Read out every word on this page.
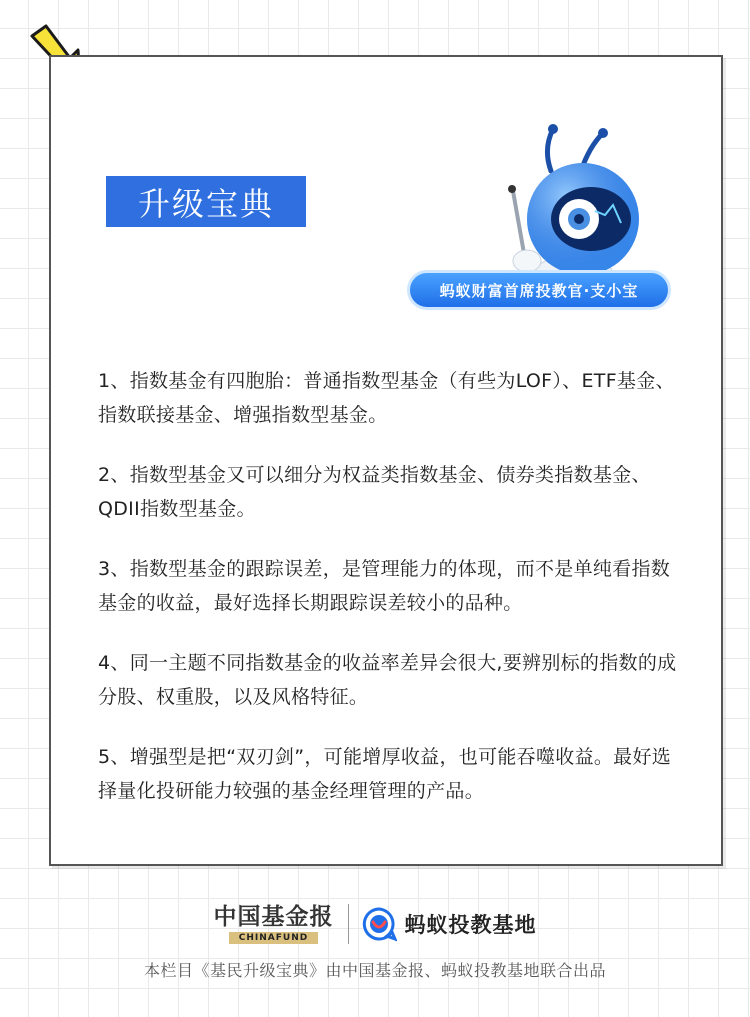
升级宝典
蚂蚁财富首席投教官·支小宝

1、指数基金有四胞胎：普通指数型基金（有些为LOF）、ETF基金、指数联接基金、增强指数型基金。

2、指数型基金又可以细分为权益类指数基金、债券类指数基金、QDII指数型基金。

3、指数型基金的跟踪误差，是管理能力的体现，而不是单纯看指数基金的收益，最好选择长期跟踪误差较小的品种。

4、同一主题不同指数基金的收益率差异会很大,要辨别标的指数的成分股、权重股，以及风格特征。

5、增强型是把“双刃剑”，可能增厚收益，也可能吞噬收益。最好选择量化投研能力较强的基金经理管理的产品。

中国基金报
CHINAFUND
蚂蚁投教基地
本栏目《基民升级宝典》由中国基金报、蚂蚁投教基地联合出品
